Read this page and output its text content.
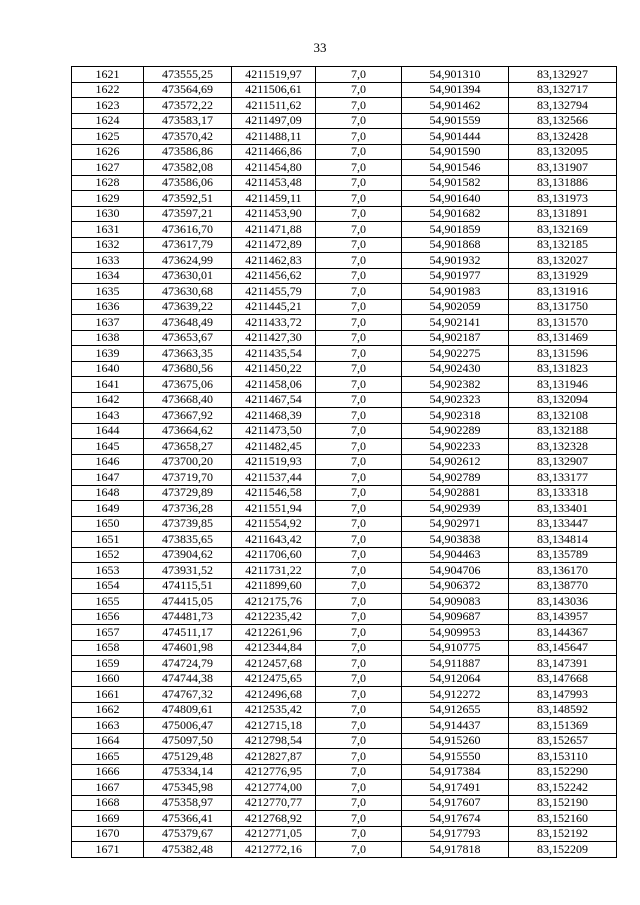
33
1621	473555,25	4211519,97	7,0	54,901310	83,132927
1622	473564,69	4211506,61	7,0	54,901394	83,132717
1623	473572,22	4211511,62	7,0	54,901462	83,132794
1624	473583,17	4211497,09	7,0	54,901559	83,132566
1625	473570,42	4211488,11	7,0	54,901444	83,132428
1626	473586,86	4211466,86	7,0	54,901590	83,132095
1627	473582,08	4211454,80	7,0	54,901546	83,131907
1628	473586,06	4211453,48	7,0	54,901582	83,131886
1629	473592,51	4211459,11	7,0	54,901640	83,131973
1630	473597,21	4211453,90	7,0	54,901682	83,131891
1631	473616,70	4211471,88	7,0	54,901859	83,132169
1632	473617,79	4211472,89	7,0	54,901868	83,132185
1633	473624,99	4211462,83	7,0	54,901932	83,132027
1634	473630,01	4211456,62	7,0	54,901977	83,131929
1635	473630,68	4211455,79	7,0	54,901983	83,131916
1636	473639,22	4211445,21	7,0	54,902059	83,131750
1637	473648,49	4211433,72	7,0	54,902141	83,131570
1638	473653,67	4211427,30	7,0	54,902187	83,131469
1639	473663,35	4211435,54	7,0	54,902275	83,131596
1640	473680,56	4211450,22	7,0	54,902430	83,131823
1641	473675,06	4211458,06	7,0	54,902382	83,131946
1642	473668,40	4211467,54	7,0	54,902323	83,132094
1643	473667,92	4211468,39	7,0	54,902318	83,132108
1644	473664,62	4211473,50	7,0	54,902289	83,132188
1645	473658,27	4211482,45	7,0	54,902233	83,132328
1646	473700,20	4211519,93	7,0	54,902612	83,132907
1647	473719,70	4211537,44	7,0	54,902789	83,133177
1648	473729,89	4211546,58	7,0	54,902881	83,133318
1649	473736,28	4211551,94	7,0	54,902939	83,133401
1650	473739,85	4211554,92	7,0	54,902971	83,133447
1651	473835,65	4211643,42	7,0	54,903838	83,134814
1652	473904,62	4211706,60	7,0	54,904463	83,135789
1653	473931,52	4211731,22	7,0	54,904706	83,136170
1654	474115,51	4211899,60	7,0	54,906372	83,138770
1655	474415,05	4212175,76	7,0	54,909083	83,143036
1656	474481,73	4212235,42	7,0	54,909687	83,143957
1657	474511,17	4212261,96	7,0	54,909953	83,144367
1658	474601,98	4212344,84	7,0	54,910775	83,145647
1659	474724,79	4212457,68	7,0	54,911887	83,147391
1660	474744,38	4212475,65	7,0	54,912064	83,147668
1661	474767,32	4212496,68	7,0	54,912272	83,147993
1662	474809,61	4212535,42	7,0	54,912655	83,148592
1663	475006,47	4212715,18	7,0	54,914437	83,151369
1664	475097,50	4212798,54	7,0	54,915260	83,152657
1665	475129,48	4212827,87	7,0	54,915550	83,153110
1666	475334,14	4212776,95	7,0	54,917384	83,152290
1667	475345,98	4212774,00	7,0	54,917491	83,152242
1668	475358,97	4212770,77	7,0	54,917607	83,152190
1669	475366,41	4212768,92	7,0	54,917674	83,152160
1670	475379,67	4212771,05	7,0	54,917793	83,152192
1671	475382,48	4212772,16	7,0	54,917818	83,152209
